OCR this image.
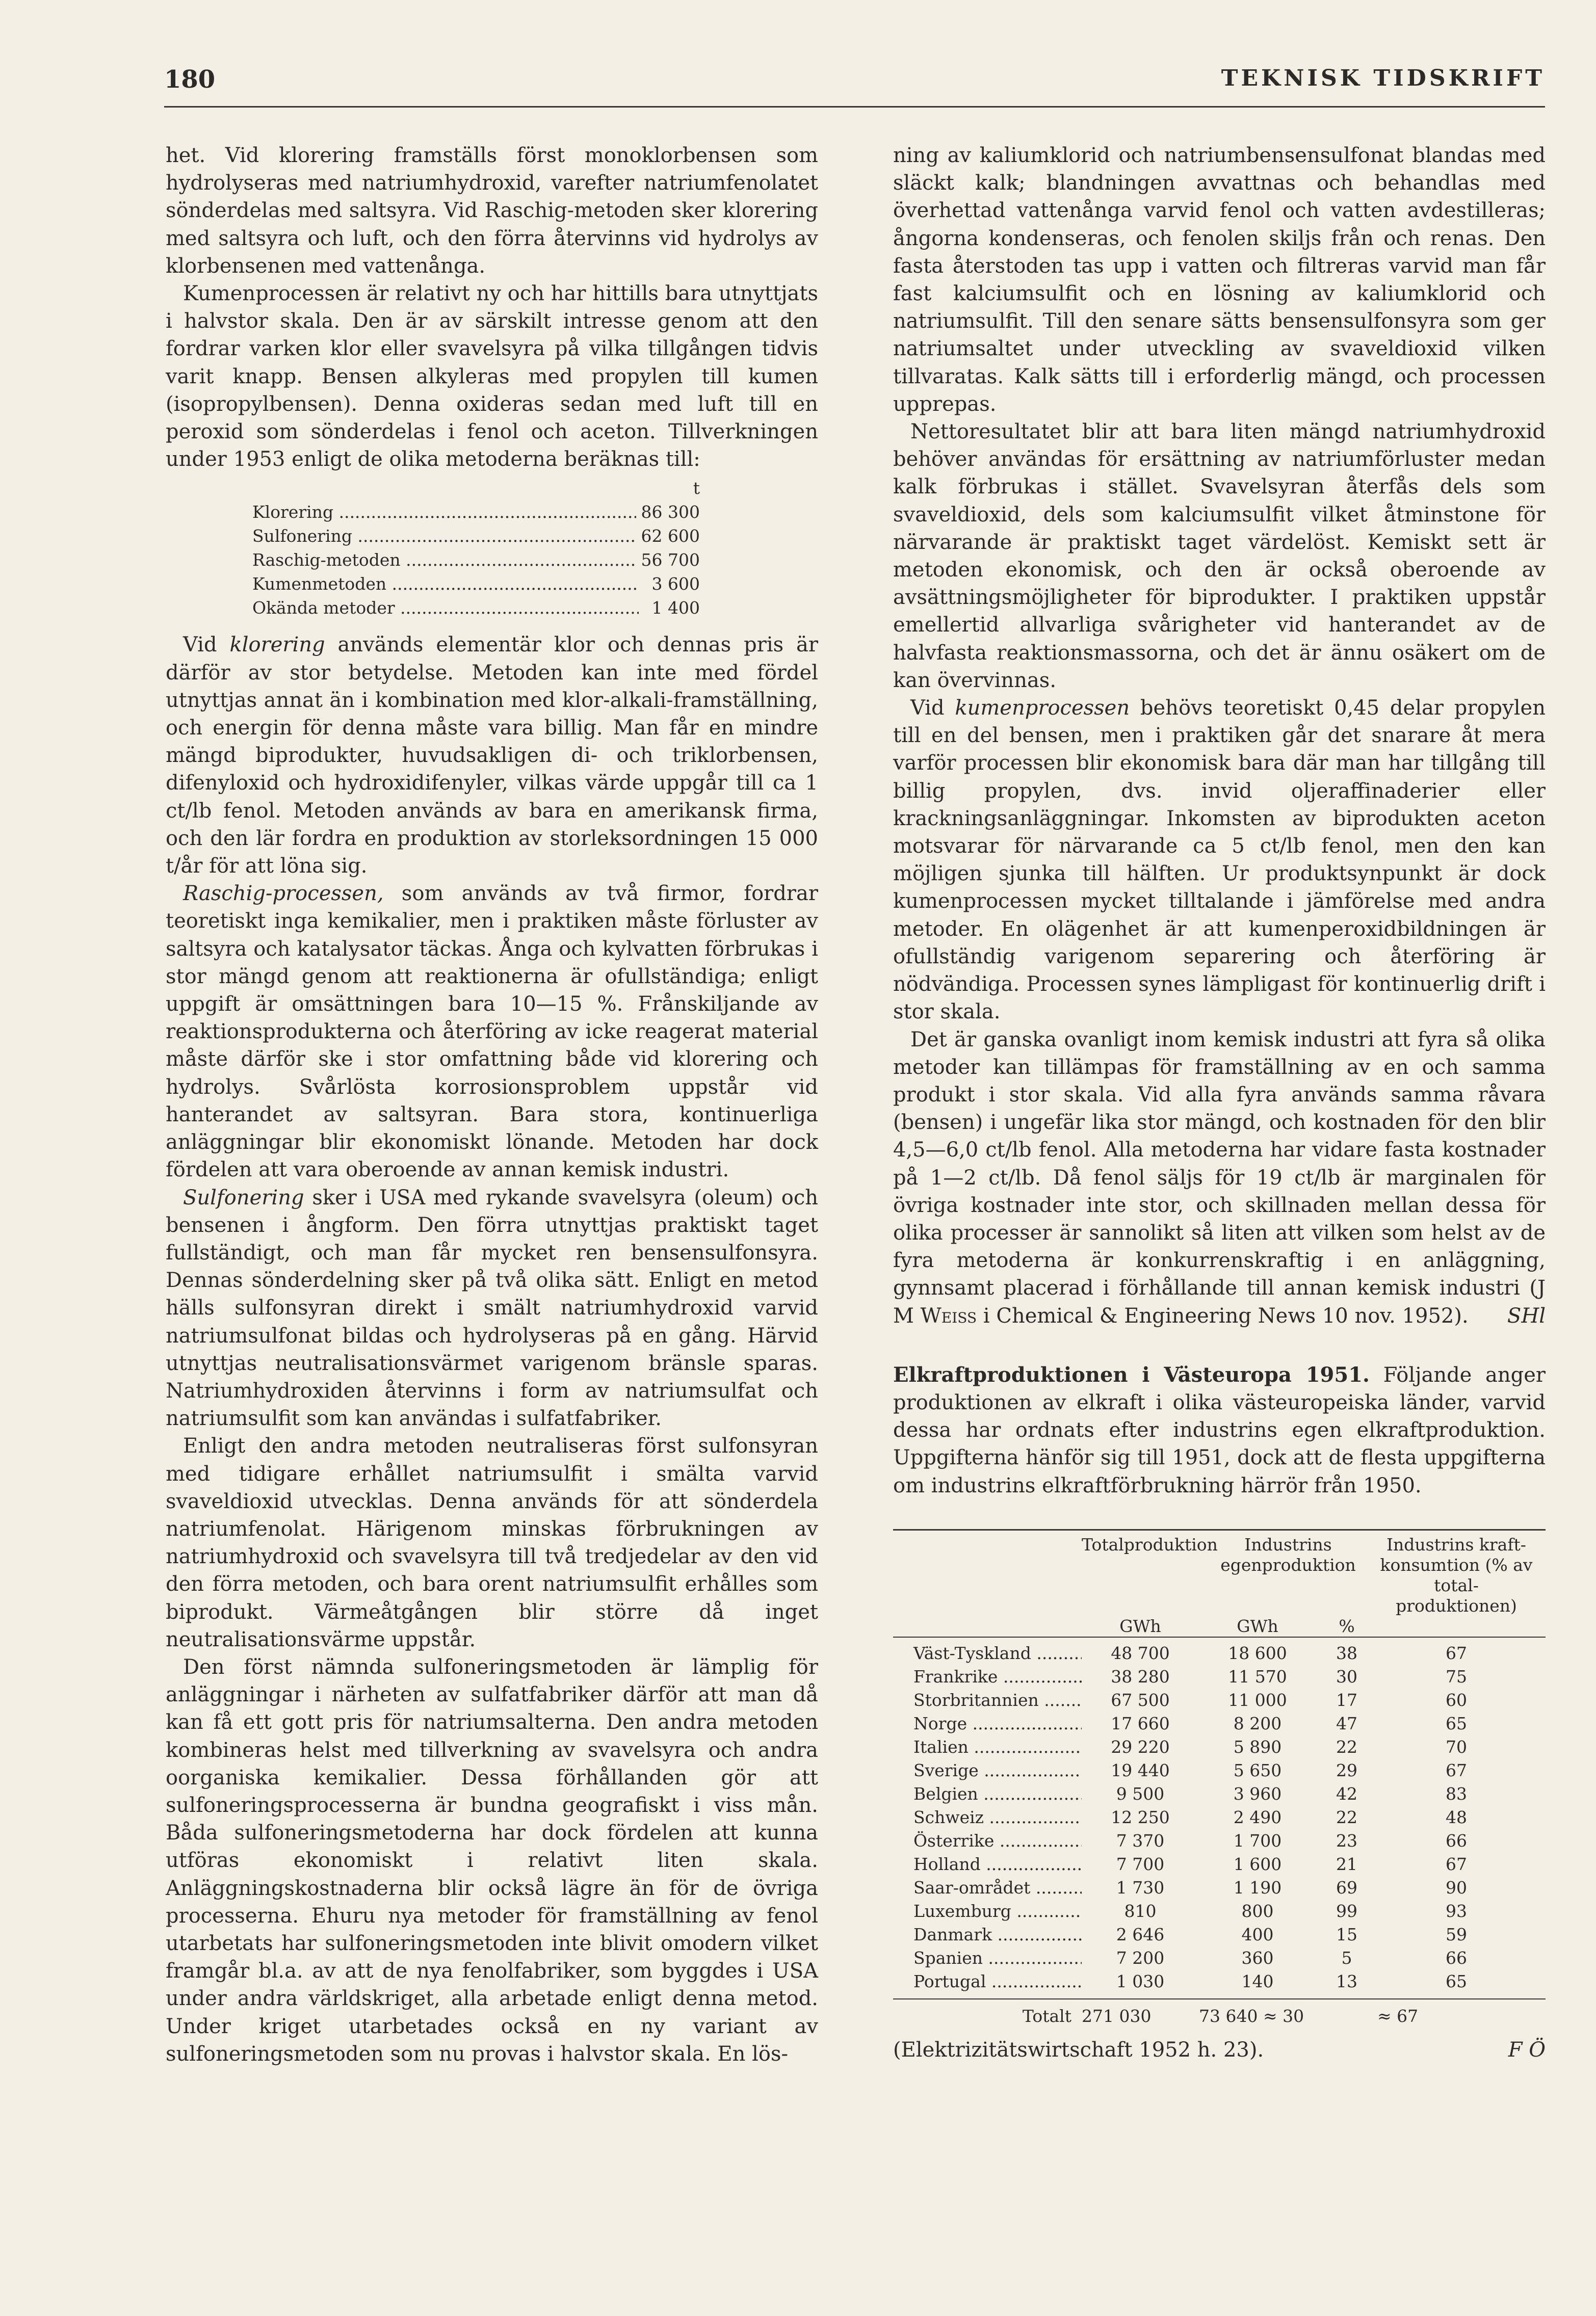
180	TEKNISK TIDSKRIFT

het. Vid klorering framställs först monoklorbensen som hydrolyseras med natriumhydroxid, varefter natriumfenolatet sönderdelas med saltsyra. Vid Raschig-metoden sker klorering med saltsyra och luft, och den förra återvinns vid hydrolys av klorbensenen med vattenånga.

Kumenprocessen är relativt ny och har hittills bara utnyttjats i halvstor skala. Den är av särskilt intresse genom att den fordrar varken klor eller svavelsyra på vilka tillgången tidvis varit knapp. Bensen alkyleras med propylen till kumen (isopropylbensen). Denna oxideras sedan med luft till en peroxid som sönderdelas i fenol och aceton. Tillverkningen under 1953 enligt de olika metoderna beräknas till:

t
Klorering .....	86 300
Sulfonering .....	62 600
Raschig-metoden .....	56 700
Kumenmetoden .....	3 600
Okända metoder .....	1 400

Vid klorering används elementär klor och dennas pris är därför av stor betydelse. Metoden kan inte med fördel utnyttjas annat än i kombination med klor-alkali-framställning, och energin för denna måste vara billig. Man får en mindre mängd biprodukter, huvudsakligen di- och triklorbensen, difenyloxid och hydroxidifenyler, vilkas värde uppgår till ca 1 ct/lb fenol. Metoden används av bara en amerikansk firma, och den lär fordra en produktion av storleksordningen 15 000 t/år för att löna sig.

Raschig-processen, som används av två firmor, fordrar teoretiskt inga kemikalier, men i praktiken måste förluster av saltsyra och katalysator täckas. Ånga och kylvatten förbrukas i stor mängd genom att reaktionerna är ofullständiga; enligt uppgift är omsättningen bara 10—15 %. Frånskiljande av reaktionsprodukterna och återföring av icke reagerat material måste därför ske i stor omfattning både vid klorering och hydrolys. Svårlösta korrosionsproblem uppstår vid hanterandet av saltsyran. Bara stora, kontinuerliga anläggningar blir ekonomiskt lönande. Metoden har dock fördelen att vara oberoende av annan kemisk industri.

Sulfonering sker i USA med rykande svavelsyra (oleum) och bensenen i ångform. Den förra utnyttjas praktiskt taget fullständigt, och man får mycket ren bensensulfonsyra. Dennas sönderdelning sker på två olika sätt. Enligt en metod hälls sulfonsyran direkt i smält natriumhydroxid varvid natriumsulfonat bildas och hydrolyseras på en gång. Härvid utnyttjas neutralisationsvärmet varigenom bränsle sparas. Natriumhydroxiden återvinns i form av natriumsulfat och natriumsulfit som kan användas i sulfatfabriker.

Enligt den andra metoden neutraliseras först sulfonsyran med tidigare erhållet natriumsulfit i smälta varvid svaveldioxid utvecklas. Denna används för att sönderdela natriumfenolat. Härigenom minskas förbrukningen av natriumhydroxid och svavelsyra till två tredjedelar av den vid den förra metoden, och bara orent natriumsulfit erhålles som biprodukt. Värmeåtgången blir större då inget neutralisationsvärme uppstår.

Den först nämnda sulfoneringsmetoden är lämplig för anläggningar i närheten av sulfatfabriker därför att man då kan få ett gott pris för natriumsalterna. Den andra metoden kombineras helst med tillverkning av svavelsyra och andra oorganiska kemikalier. Dessa förhållanden gör att sulfoneringsprocesserna är bundna geografiskt i viss mån. Båda sulfoneringsmetoderna har dock fördelen att kunna utföras ekonomiskt i relativt liten skala. Anläggningskostnaderna blir också lägre än för de övriga processerna. Ehuru nya metoder för framställning av fenol utarbetats har sulfoneringsmetoden inte blivit omodern vilket framgår bl.a. av att de nya fenolfabriker, som byggdes i USA under andra världskriget, alla arbetade enligt denna metod. Under kriget utarbetades också en ny variant av sulfoneringsmetoden som nu provas i halvstor skala. En lös-

ning av kaliumklorid och natriumbensensulfonat blandas med släckt kalk; blandningen avvattnas och behandlas med överhettad vattenånga varvid fenol och vatten avdestilleras; ångorna kondenseras, och fenolen skiljs från och renas. Den fasta återstoden tas upp i vatten och filtreras varvid man får fast kalciumsulfit och en lösning av kaliumklorid och natriumsulfit. Till den senare sätts bensensulfonsyra som ger natriumsaltet under utveckling av svaveldioxid vilken tillvaratas. Kalk sätts till i erforderlig mängd, och processen upprepas.

Nettoresultatet blir att bara liten mängd natriumhydroxid behöver användas för ersättning av natriumförluster medan kalk förbrukas i stället. Svavelsyran återfås dels som svaveldioxid, dels som kalciumsulfit vilket åtminstone för närvarande är praktiskt taget värdelöst. Kemiskt sett är metoden ekonomisk, och den är också oberoende av avsättningsmöjligheter för biprodukter. I praktiken uppstår emellertid allvarliga svårigheter vid hanterandet av de halvfasta reaktionsmassorna, och det är ännu osäkert om de kan övervinnas.

Vid kumenprocessen behövs teoretiskt 0,45 delar propylen till en del bensen, men i praktiken går det snarare åt mera varför processen blir ekonomisk bara där man har tillgång till billig propylen, dvs. invid oljeraffinaderier eller krackningsanläggningar. Inkomsten av biprodukten aceton motsvarar för närvarande ca 5 ct/lb fenol, men den kan möjligen sjunka till hälften. Ur produktsynpunkt är dock kumenprocessen mycket tilltalande i jämförelse med andra metoder. En olägenhet är att kumenperoxidbildningen är ofullständig varigenom separering och återföring är nödvändiga. Processen synes lämpligast för kontinuerlig drift i stor skala.

Det är ganska ovanligt inom kemisk industri att fyra så olika metoder kan tillämpas för framställning av en och samma produkt i stor skala. Vid alla fyra används samma råvara (bensen) i ungefär lika stor mängd, och kostnaden för den blir 4,5—6,0 ct/lb fenol. Alla metoderna har vidare fasta kostnader på 1—2 ct/lb. Då fenol säljs för 19 ct/lb är marginalen för övriga kostnader inte stor, och skillnaden mellan dessa för olika processer är sannolikt så liten att vilken som helst av de fyra metoderna är konkurrenskraftig i en anläggning, gynnsamt placerad i förhållande till annan kemisk industri (J M Weiss i Chemical & Engineering News 10 nov. 1952). SHl

Elkraftproduktionen i Västeuropa 1951. Följande anger produktionen av elkraft i olika västeuropeiska länder, varvid dessa har ordnats efter industrins egen elkraftproduktion. Uppgifterna hänför sig till 1951, dock att de flesta uppgifterna om industrins elkraftförbrukning härrör från 1950.

Totalproduktion	Industrins egenproduktion
Industrins kraft-konsumtion (% av total-produktionen)
GWh	GWh	%
Väst-Tyskland .....	48 700	18 600	38	67
Frankrike .....	38 280	11 570	30	75
Storbritannien .....	67 500	11 000	17	60
Norge .....	17 660	8 200	47	65
Italien .....	29 220	5 890	22	70
Sverige .....	19 440	5 650	29	67
Belgien .....	9 500	3 960	42	83
Schweiz .....	12 250	2 490	22	48
Österrike .....	7 370	1 700	23	66
Holland .....	7 700	1 600	21	67
Saar-området .....	1 730	1 190	69	90
Luxemburg .....	810	800	99	93
Danmark .....	2 646	400	15	59
Spanien .....	7 200	360	5	66
Portugal .....	1 030	140	13	65
Totalt 271 030	73 640 ≈ 30	≈ 67
(Elektrizitätswirtschaft 1952 h. 23).	F Ö
